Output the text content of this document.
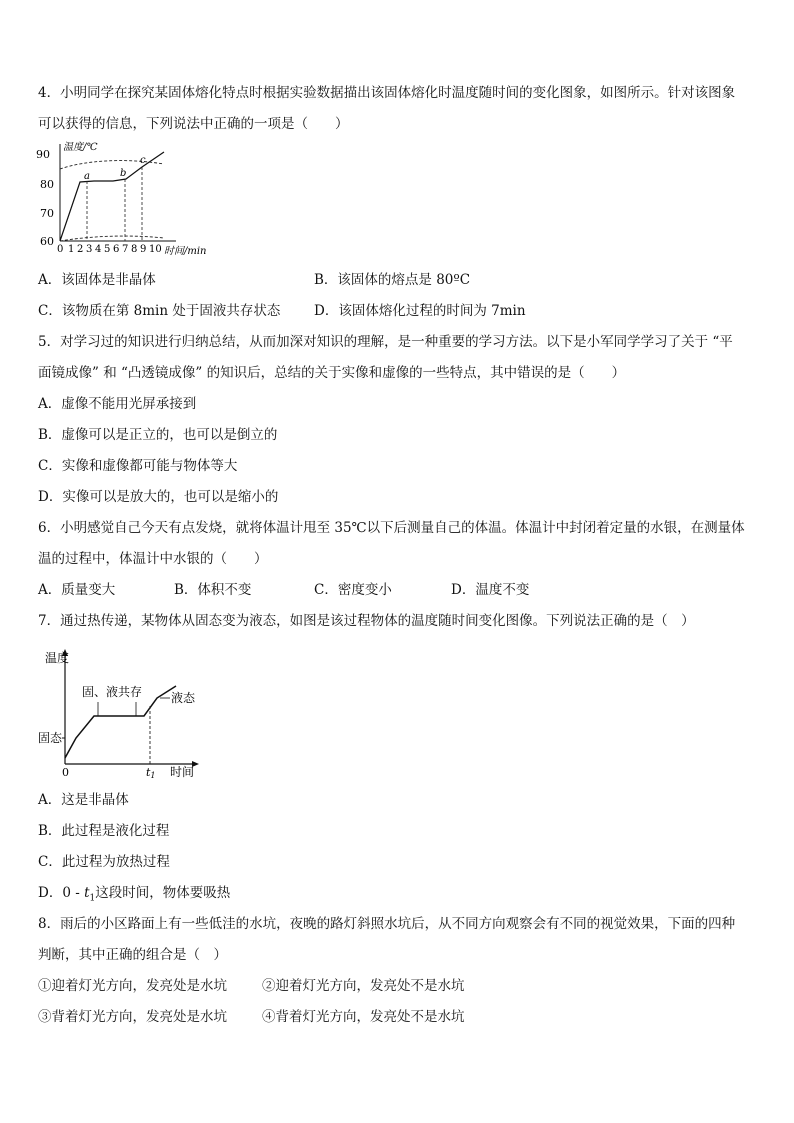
4．小明同学在探究某固体熔化特点时根据实验数据描出该固体熔化时温度随时间的变化图象，如图所示。针对该图象
可以获得的信息，下列说法中正确的一项是（　　）
90
80
70
60
温度/℃
a	b
c
0 1 2 3 4 5 6 7 8 9 10 时间/min
A．该固体是非晶体	B．该固体的熔点是 80ºC
C．该物质在第 8min 处于固液共存状态 D．该固体熔化过程的时间为 7min
5．对学习过的知识进行归纳总结，从而加深对知识的理解，是一种重要的学习方法。以下是小军同学学习了关于 “平
面镜成像” 和 “凸透镜成像” 的知识后，总结的关于实像和虚像的一些特点，其中错误的是（　　）
A．虚像不能用光屏承接到
B．虚像可以是正立的，也可以是倒立的
C．实像和虚像都可能与物体等大
D．实像可以是放大的，也可以是缩小的
6．小明感觉自己今天有点发烧，就将体温计甩至 35℃以下后测量自己的体温。体温计中封闭着定量的水银，在测量体
温的过程中，体温计中水银的（　　）
A．质量变大	B．体积不变	C．密度变小	D．温度不变
7．通过热传递，某物体从固态变为液态，如图是该过程物体的温度随时间变化图像。下列说法正确的是（　）
温度
时间
0
固态
固、液共存 液态
t1
A．这是非晶体
B．此过程是液化过程
C．此过程为放热过程
D．$0 - t_1$这段时间，物体要吸热
8．雨后的小区路面上有一些低洼的水坑，夜晚的路灯斜照水坑后，从不同方向观察会有不同的视觉效果，下面的四种
判断，其中正确的组合是（　）
①迎着灯光方向，发亮处是水坑	②迎着灯光方向，发亮处不是水坑
③背着灯光方向，发亮处是水坑	④背着灯光方向，发亮处不是水坑
